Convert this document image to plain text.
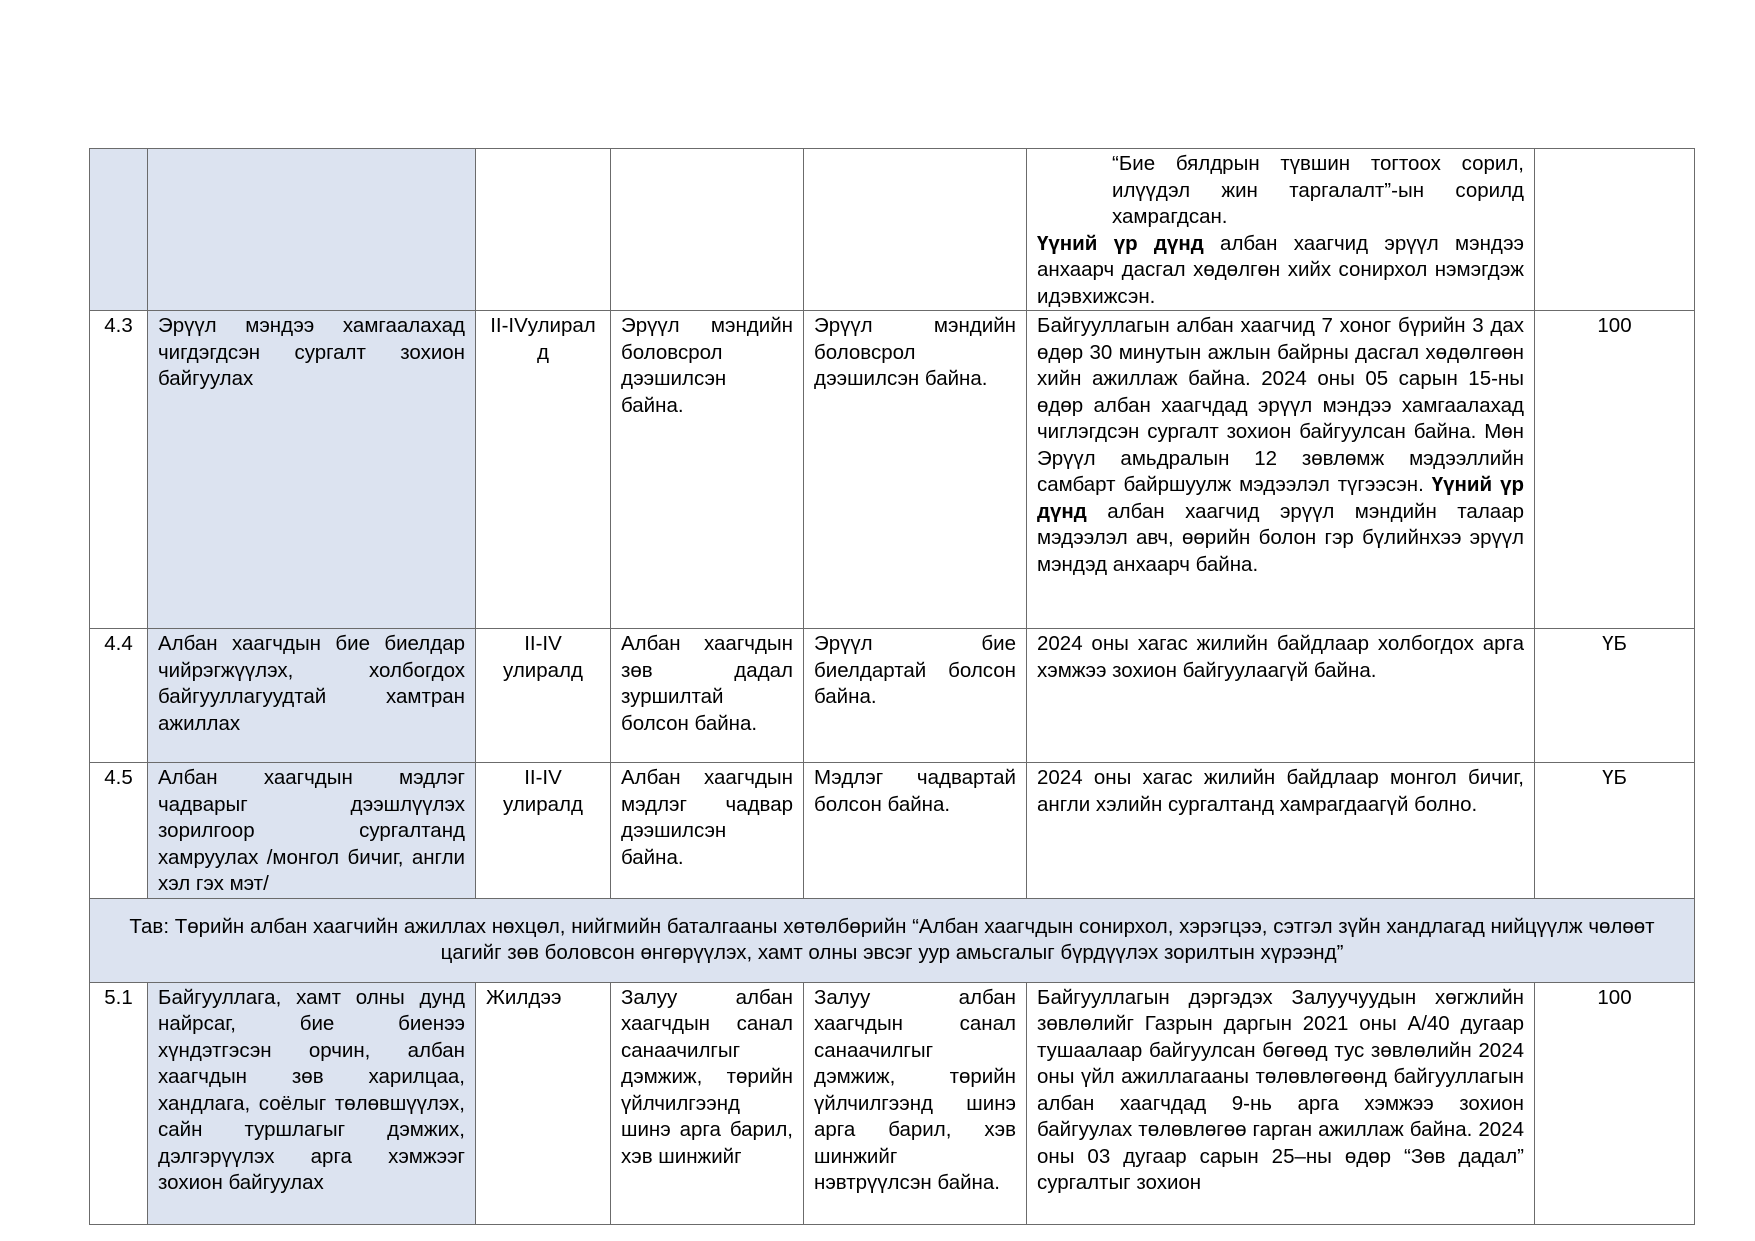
					“Бие бялдрын түвшин тогтоох сорил, илүүдэл жин таргалалт”-ын сорилд хамрагдсан.
Үүний үр дүнд албан хаагчид эрүүл мэндээ анхаарч дасгал хөдөлгөн хийх сонирхол нэмэгдэж идэвхижсэн.	

4.3	Эрүүл мэндээ хамгаалахад чигдэгдсэн сургалт зохион байгуулах	II-IVулирал д	Эрүүл мэндийн боловсрол дээшилсэн байна.	Эрүүл мэндийн боловсрол дээшилсэн байна.	Байгууллагын албан хаагчид 7 хоног бүрийн 3 дах өдөр 30 минутын ажлын байрны дасгал хөдөлгөөн хийн ажиллаж байна. 2024 оны 05 сарын 15-ны өдөр албан хаагчдад эрүүл мэндээ хамгаалахад чиглэгдсэн сургалт зохион байгуулсан байна. Мөн Эрүүл амьдралын 12 зөвлөмж мэдээллийн самбарт байршуулж мэдээлэл түгээсэн. Үүний үр дүнд албан хаагчид эрүүл мэндийн талаар мэдээлэл авч, өөрийн болон гэр бүлийнхээ эрүүл мэндэд анхаарч байна.	100
4.4	Албан хаагчдын бие биелдар чийрэгжүүлэх, холбогдох байгууллагуудтай хамтран ажиллах	II-IV улиралд	Албан хаагчдын зөв дадал зуршилтай болсон байна.	Эрүүл бие биелдартай болсон байна.	2024 оны хагас жилийн байдлаар холбогдох арга хэмжээ зохион байгуулаагүй байна.	ҮБ
4.5	Албан хаагчдын мэдлэг чадварыг дээшлүүлэх зорилгоор сургалтанд хамруулах /монгол бичиг, англи хэл гэх мэт/	II-IV улиралд	Албан хаагчдын мэдлэг чадвар дээшилсэн байна.	Мэдлэг чадвартай болсон байна.	2024 оны хагас жилийн байдлаар монгол бичиг, англи хэлийн сургалтанд хамрагдаагүй болно.	ҮБ
Тав: Төрийн албан хаагчийн ажиллах нөхцөл, нийгмийн баталгааны хөтөлбөрийн “Албан хаагчдын сонирхол, хэрэгцээ, сэтгэл зүйн хандлагад нийцүүлж чөлөөт цагийг зөв боловсон өнгөрүүлэх, хамт олны эвсэг уур амьсгалыг бүрдүүлэх зорилтын хүрээнд”						
5.1	Байгууллага, хамт олны дунд найрсаг, бие биенээ хүндэтгэсэн орчин, албан хаагчдын зөв харилцаа, хандлага, соёлыг төлөвшүүлэх, сайн туршлагыг дэмжих, дэлгэрүүлэх арга хэмжээг зохион байгуулах	Жилдээ	Залуу албан хаагчдын санал санаачилгыг дэмжиж, төрийн үйлчилгээнд шинэ арга барил, хэв шинжийг	Залуу албан хаагчдын санал санаачилгыг дэмжиж, төрийн үйлчилгээнд шинэ арга барил, хэв шинжийг нэвтрүүлсэн байна.	Байгууллагын дэргэдэх Залуучуудын хөгжлийн зөвлөлийг Газрын даргын 2021 оны А/40 дугаар тушаалаар байгуулсан бөгөөд тус зөвлөлийн 2024 оны үйл ажиллагааны төлөвлөгөөнд байгууллагын албан хаагчдад 9-нь арга хэмжээ зохион байгуулах төлөвлөгөө гарган ажиллаж байна. 2024 оны 03 дугаар сарын 25–ны өдөр “Зөв дадал” сургалтыг зохион	100
